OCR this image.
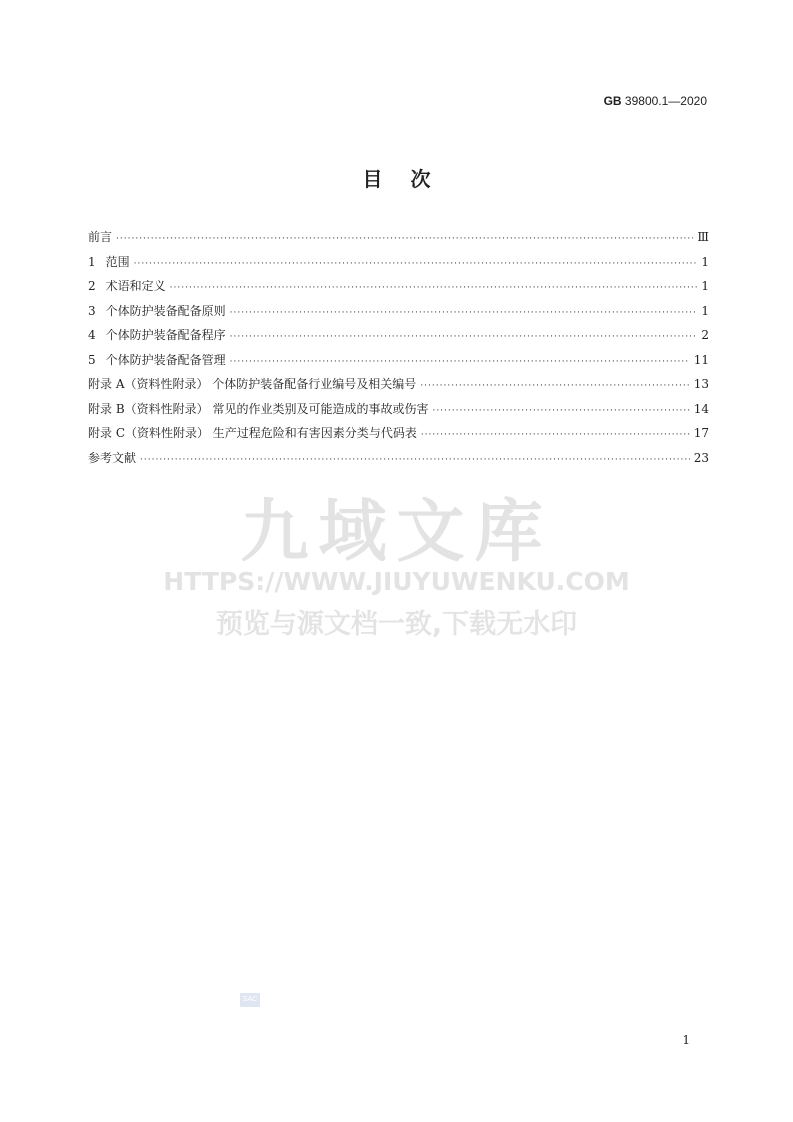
GB 39800.1—2020
目次
前言 ·····	Ⅲ
1 范围 ·····	1
2 术语和定义 ·····	1
3 个体防护装备配备原则 ·····	1
4 个体防护装备配备程序 ·····	2
5 个体防护装备配备管理 ·····	11
附录 A（资料性附录） 个体防护装备配备行业编号及相关编号 ·····	13
附录 B（资料性附录） 常见的作业类别及可能造成的事故或伤害 ·····	14
附录 C（资料性附录） 生产过程危险和有害因素分类与代码表 ·····	17
参考文献 ·····	23
九域文库
HTTPS://WWW.JIUYUWENKU.COM
预览与源文档一致,下载无水印
SAC
1
